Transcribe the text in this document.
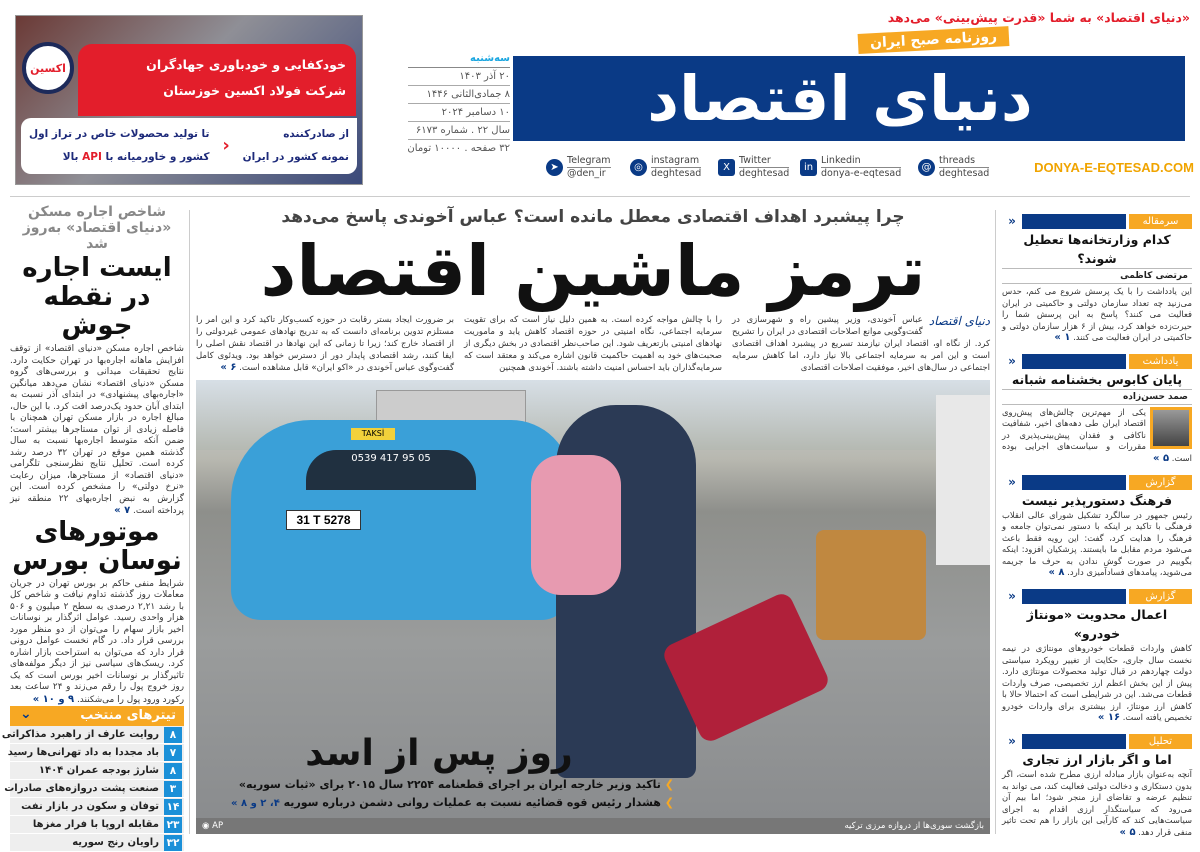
اکسین	خودکفایی و خودباوری جهادگران
شرکت فولاد اکسین خوزستان
از صادرکننده
نمونه کشور در ایران
‹
تا تولید محصولات خاص در تراز اول
کشور و خاورمیانه با API بالا
«دنیای اقتصاد» به شما «قدرت پیش‌بینی» می‌دهد
دنیای اقتصاد
روزنامه صبح ایران
سه‌شنبه
۲۰ آذر ۱۴۰۳
۸ جمادی‌الثانی ۱۴۴۶
۱۰ دسامبر ۲۰۲۴
سال ۲۲ . شماره ۶۱۷۳
۳۲ صفحه . ۱۰۰۰۰ تومان
➤
Telegram
@den_ir
◎
instagram
deghtesad
X
Twitter
deghtesad
in
Linkedin
donya-e-eqtesad
@
threads
deghtesad	DONYA-E-EQTESAD.COM
شاخص اجاره مسکن «دنیای اقتصاد» به‌روز شد
ایست اجاره در نقطه جوش

شاخص اجاره مسکن «دنیای اقتصاد» از توقف افزایش ماهانه اجاره‌بها در تهران حکایت دارد. نتایج تحقیقات میدانی و بررسی‌های گروه مسکن «دنیای اقتصاد» نشان می‌دهد میانگین «اجاره‌بهای پیشنهادی» در ابتدای آذر نسبت به ابتدای آبان حدود یک‌درصد افت کرد. با این حال، مبالغ اجاره در بازار مسکن تهران همچنان با فاصله زیادی از توان مستاجرها بیشتر است؛ ضمن آنکه متوسط اجاره‌بها نسبت به سال گذشته همین موقع در تهران ۳۲ درصد رشد کرده است. تحلیل نتایج نظرسنجی تلگرامی «دنیای اقتصاد» از مستاجرها، میزان رعایت «نرخ دولتی» را مشخص کرده است. این گزارش به نبض اجاره‌بهای ۲۲ منطقه نیز پرداخته است. ۷ »

موتورهای نوسان بورس

شرایط منفی حاکم بر بورس تهران در جریان معاملات روز گذشته تداوم نیافت و شاخص کل با رشد ۲,۲۱ درصدی به سطح ۲ میلیون و ۵۰۶ هزار واحدی رسید. عوامل اثرگذار بر نوسانات اخیر بازار سهام را می‌توان از دو منظر مورد بررسی قرار داد. در گام نخست عوامل درونی قرار دارد که می‌توان به استراحت بازار اشاره کرد. ریسک‌های سیاسی نیز از دیگر مولفه‌های تاثیرگذار بر نوسانات اخیر بورس است که یک روز خروج پول را رقم می‌زند و ۲۴ ساعت بعد رکورد ورود پول را می‌شکنند. ۹ و ۱۰ »

تیترهای منتخب
⌄
۸
روایت عارف از راهبرد مذاکراتی
۷
باد مجددا به داد تهرانی‌ها رسید
۸
شارژ بودجه عمران ۱۴۰۴
۳
صنعت پشت دروازه‌های صادرات
۱۴
توفان و سکون در بازار نفت
۲۳
مقابله اروپا با فرار مغزها
۳۲
راویان رنج سوریه
چرا پیشبرد اهداف اقتصادی معطل مانده است؟ عباس آخوندی پاسخ می‌دهد
ترمز ماشین اقتصاد
دنیای اقتصاد
عباس آخوندی، وزیر پیشین راه و شهرسازی در گفت‌وگویی موانع اصلاحات اقتصادی در ایران را تشریح کرد. از نگاه او، اقتصاد ایران نیازمند تسریع در پیشبرد اهداف اقتصادی است و این امر به سرمایه اجتماعی بالا نیاز دارد، اما کاهش سرمایه اجتماعی در سال‌های اخیر، موفقیت اصلاحات اقتصادی
را با چالش مواجه کرده است. به همین دلیل نیاز است که برای تقویت سرمایه اجتماعی، نگاه امنیتی در حوزه اقتصاد کاهش یابد و ماموریت نهادهای امنیتی بازتعریف شود. این صاحب‌نظر اقتصادی در بخش دیگری از صحبت‌های خود به اهمیت حاکمیت قانون اشاره می‌کند و معتقد است که سرمایه‌گذاران باید احساس امنیت داشته باشند. آخوندی همچنین

بر ضرورت ایجاد بستر رقابت در حوزه کسب‌وکار تاکید کرد و این امر را مستلزم تدوین برنامه‌ای دانست که به تدریج نهادهای عمومی غیردولتی را از اقتصاد خارج کند؛ زیرا تا زمانی که این نهادها در اقتصاد نقش اصلی را ایفا کنند، رشد اقتصادی پایدار دور از دسترس خواهد بود. ویدئوی کامل گفت‌وگوی عباس آخوندی در «اکو ایران» قابل مشاهده است. ۶ »

TAKSİ
0539 417 95 05
31 T 5278
روز پس از اسد
❯ تاکید وزیر خارجه ایران بر اجرای قطعنامه ۲۲۵۴ سال ۲۰۱۵ برای «ثبات سوریه»
❯ هشدار رئیس قوه قضائیه نسبت به عملیات روانی دشمن درباره سوریه ۴، ۲ و ۸ »
◉ AP	بازگشت سوری‌ها از دروازه مرزی ترکیه
سرمقاله
«
کدام وزارتخانه‌ها تعطیل شوند؟
مرتضی کاظمی

این یادداشت را با یک پرسش شروع می کنم، حدس می‌زنید چه تعداد سازمان دولتی و حاکمیتی در ایران فعالیت می کنند؟ پاسخ به این پرسش شما را حیرت‌زده خواهد کرد، بیش از ۶ هزار سازمان دولتی و حاکمیتی در ایران فعالیت می کنند. ۱ »

یادداشت
«
پایان کابوس بخشنامه شبانه
صمد حسن‌زاده

یکی از مهم‌ترین چالش‌های پیش‌روی اقتصاد ایران طی دهه‌های اخیر، شفافیت ناکافی و فقدان پیش‌بینی‌پذیری در مقررات و سیاست‌های اجرایی بوده است. ۵ »

گزارش
«
فرهنگ دستورپذیر نیست

رئیس جمهور در سالگرد تشکیل شورای عالی انقلاب فرهنگی با تاکید بر اینکه با دستور نمی‌توان جامعه و فرهنگ را هدایت کرد، گفت: این رویه فقط باعث می‌شود مردم مقابل ما بایستند. پزشکیان افزود: اینکه بگوییم در صورت گوش ندادن به حرف ما جریمه می‌شوید، پیامدهای فسادآمیزی دارد. ۸ »

گزارش
«
اعمال محدویت «مونتاژ خودرو»

کاهش واردات قطعات خودروهای مونتاژی در نیمه نخست سال جاری، حکایت از تغییر رویکرد سیاستی دولت چهاردهم در قبال تولید محصولات مونتاژی دارد. پیش از این بخش اعظم ارز تخصیصی، صرف واردات قطعات می‌شد. این در شرایطی است که احتمالا حالا با کاهش ارز مونتاژ، ارز بیشتری برای واردات خودرو تخصیص یافته است. ۱۶ »

تحلیل
«
اما و اگر بازار ارز تجاری

آنچه به‌عنوان بازار مبادله ارزی مطرح شده است، اگر بدون دستکاری و دخالت دولتی فعالیت کند، می تواند به تنظیم عرضه و تقاضای ارز منجر شود؛ اما بیم آن می‌رود که سیاستگذار ارزی اقدام به اجرای سیاست‌هایی کند که کارآیی این بازار را هم تحت تاثیر منفی قرار دهد. ۵ »
